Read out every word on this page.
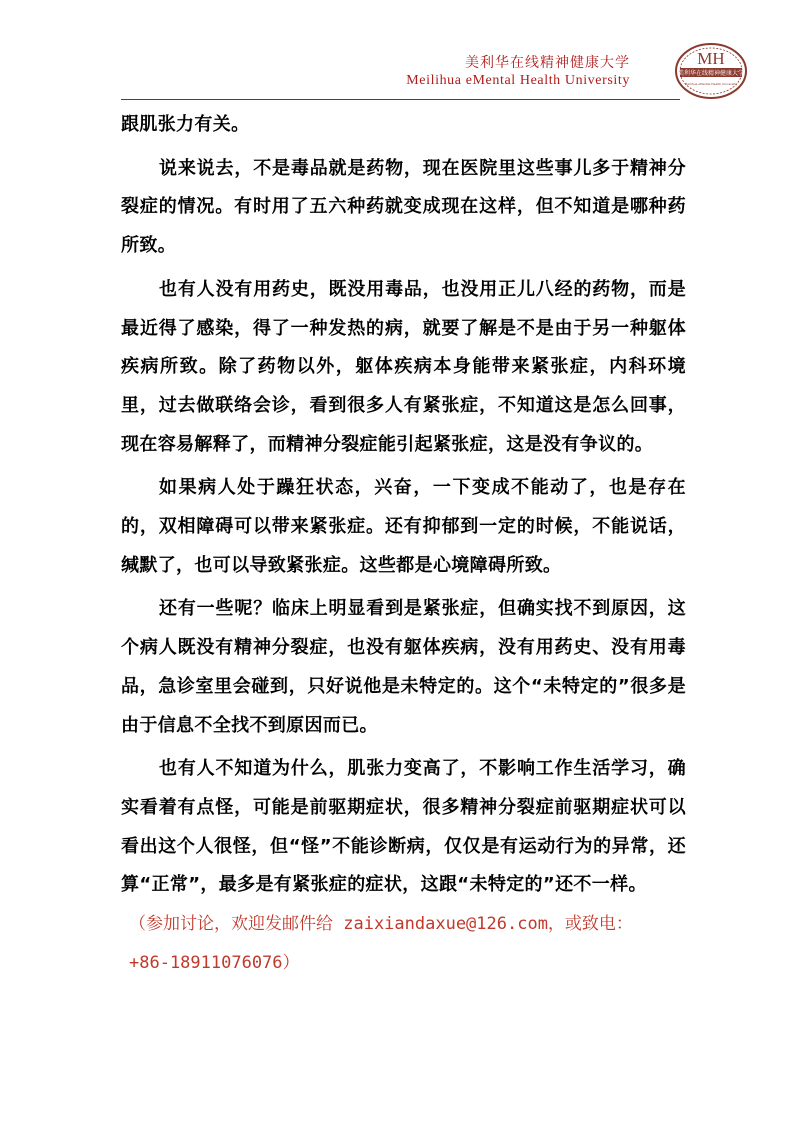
美利华在线精神健康大学
Meilihua eMental Health University
MH
美利华在线精神健康大学
Meilihua eMental Health University

跟肌张力有关。

说来说去，不是毒品就是药物，现在医院里这些事儿多于精神分裂症的情况。有时用了五六种药就变成现在这样，但不知道是哪种药所致。

也有人没有用药史，既没用毒品，也没用正儿八经的药物，而是最近得了感染，得了一种发热的病，就要了解是不是由于另一种躯体疾病所致。除了药物以外，躯体疾病本身能带来紧张症，内科环境里，过去做联络会诊，看到很多人有紧张症，不知道这是怎么回事，现在容易解释了，而精神分裂症能引起紧张症，这是没有争议的。

如果病人处于躁狂状态，兴奋，一下变成不能动了，也是存在的，双相障碍可以带来紧张症。还有抑郁到一定的时候，不能说话，缄默了，也可以导致紧张症。这些都是心境障碍所致。

还有一些呢？临床上明显看到是紧张症，但确实找不到原因，这个病人既没有精神分裂症，也没有躯体疾病，没有用药史、没有用毒品，急诊室里会碰到，只好说他是未特定的。这个“未特定的”很多是由于信息不全找不到原因而已。

也有人不知道为什么，肌张力变高了，不影响工作生活学习，确实看着有点怪，可能是前驱期症状，很多精神分裂症前驱期症状可以看出这个人很怪，但“怪”不能诊断病，仅仅是有运动行为的异常，还算“正常”，最多是有紧张症的症状，这跟“未特定的”还不一样。

（参加讨论，欢迎发邮件给 zaixiandaxue@126.com，或致电：
+86-18911076076）
